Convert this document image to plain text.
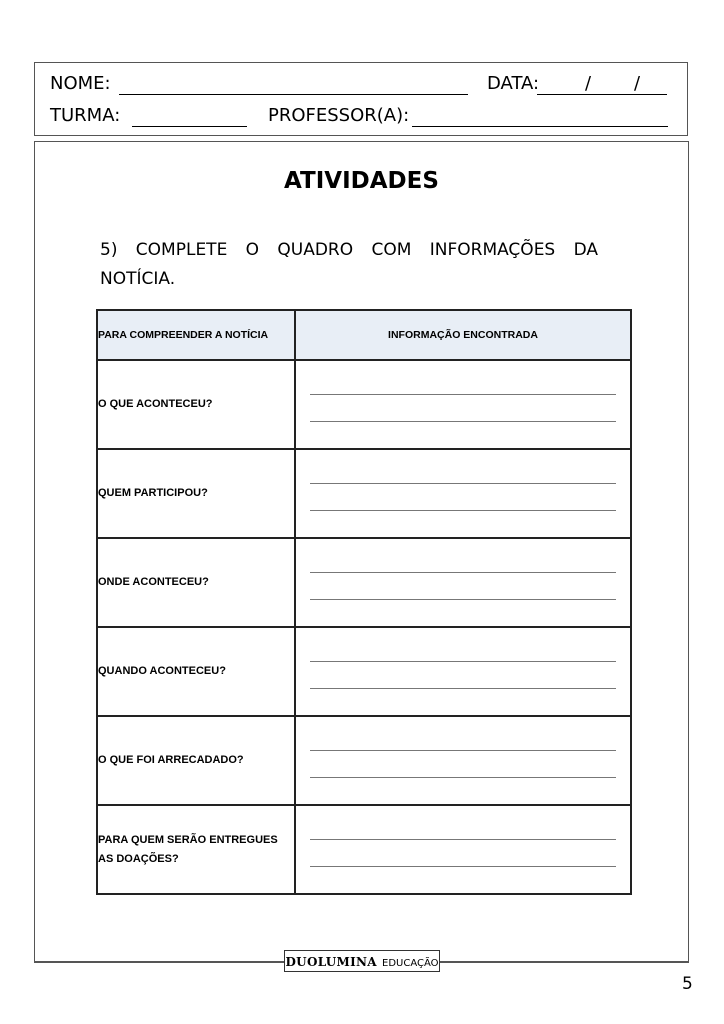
NOME:	DATA:	/ /
TURMA:	PROFESSOR(A):
ATIVIDADES
5) COMPLETE O QUADRO COM INFORMAÇÕES DA NOTÍCIA.
PARA COMPREENDER A NOTÍCIA	INFORMAÇÃO ENCONTRADA
O QUE ACONTECEU?	

QUEM PARTICIPOU?	

ONDE ACONTECEU?	

QUANDO ACONTECEU?	

O QUE FOI ARRECADADO?	

PARA QUEM SERÃO ENTREGUES AS DOAÇÕES?	
DUOLUMINA EDUCAÇÃO
5
